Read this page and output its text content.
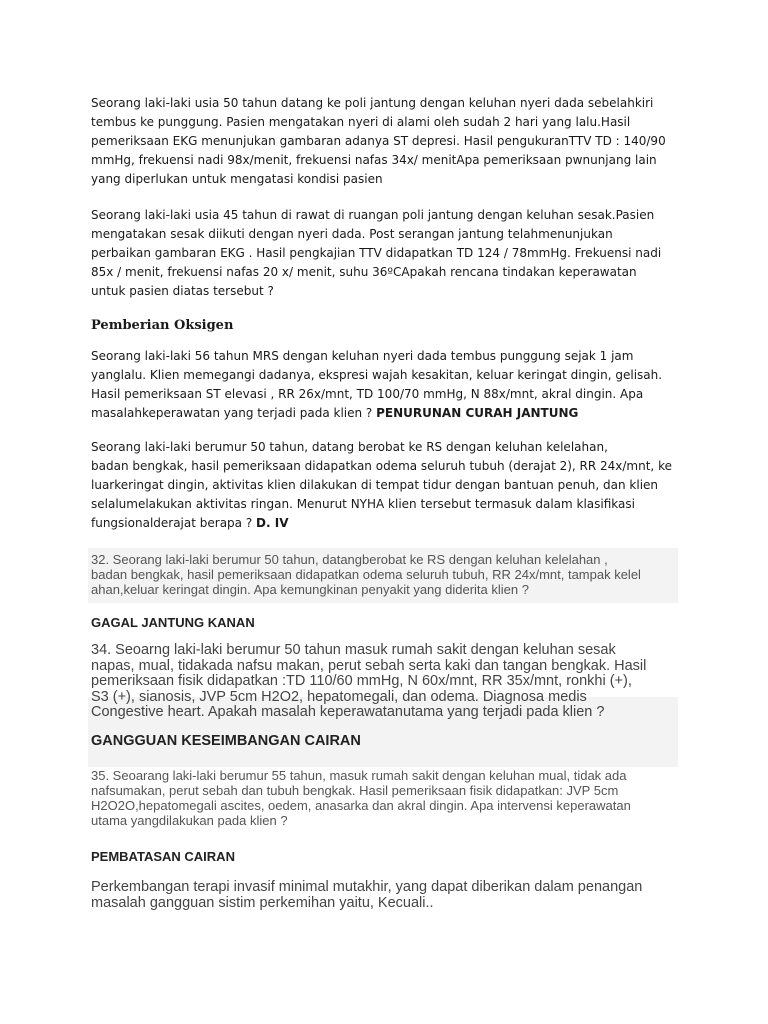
Seorang laki-laki usia 50 tahun datang ke poli jantung dengan keluhan nyeri dada sebelahkiri
tembus ke punggung. Pasien mengatakan nyeri di alami oleh sudah 2 hari yang lalu.Hasil
pemeriksaan EKG menunjukan gambaran adanya ST depresi. Hasil pengukuranTTV TD : 140/90
mmHg, frekuensi nadi 98x/menit, frekuensi nafas 34x/ menitApa pemeriksaan pwnunjang lain
yang diperlukan untuk mengatasi kondisi pasien

Seorang laki-laki usia 45 tahun di rawat di ruangan poli jantung dengan keluhan sesak.Pasien
mengatakan sesak diikuti dengan nyeri dada. Post serangan jantung telahmenunjukan
perbaikan gambaran EKG . Hasil pengkajian TTV didapatkan TD 124 / 78mmHg. Frekuensi nadi
85x / menit, frekuensi nafas 20 x/ menit, suhu 36ºCApakah rencana tindakan keperawatan
untuk pasien diatas tersebut ?

Pemberian Oksigen

Seorang laki-laki 56 tahun MRS dengan keluhan nyeri dada tembus punggung sejak 1 jam
yanglalu. Klien memegangi dadanya, ekspresi wajah kesakitan, keluar keringat dingin, gelisah.
Hasil pemeriksaan ST elevasi , RR 26x/mnt, TD 100/70 mmHg, N 88x/mnt, akral dingin. Apa
masalahkeperawatan yang terjadi pada klien ? PENURUNAN CURAH JANTUNG

Seorang laki-laki berumur 50 tahun, datang berobat ke RS dengan keluhan kelelahan,
badan bengkak, hasil pemeriksaan didapatkan odema seluruh tubuh (derajat 2), RR 24x/mnt, ke
luarkeringat dingin, aktivitas klien dilakukan di tempat tidur dengan bantuan penuh, dan klien
selalumelakukan aktivitas ringan. Menurut NYHA klien tersebut termasuk dalam klasifikasi
fungsionalderajat berapa ? D. IV

32. Seorang laki-laki berumur 50 tahun, datangberobat ke RS dengan keluhan kelelahan ,
badan bengkak, hasil pemeriksaan didapatkan odema seluruh tubuh, RR 24x/mnt, tampak kelel
ahan,keluar keringat dingin. Apa kemungkinan penyakit yang diderita klien ?

GAGAL JANTUNG KANAN

34. Seoarng laki-laki berumur 50 tahun masuk rumah sakit dengan keluhan sesak
napas, mual, tidakada nafsu makan, perut sebah serta kaki dan tangan bengkak. Hasil
pemeriksaan fisik didapatkan :TD 110/60 mmHg, N 60x/mnt, RR 35x/mnt, ronkhi (+),
S3 (+), sianosis, JVP 5cm H2O2, hepatomegali, dan odema. Diagnosa medis
Congestive heart. Apakah masalah keperawatanutama yang terjadi pada klien ?

GANGGUAN KESEIMBANGAN CAIRAN

35. Seoarang laki-laki berumur 55 tahun, masuk rumah sakit dengan keluhan mual, tidak ada
nafsumakan, perut sebah dan tubuh bengkak. Hasil pemeriksaan fisik didapatkan: JVP 5cm
H2O2O,hepatomegali ascites, oedem, anasarka dan akral dingin. Apa intervensi keperawatan
utama yangdilakukan pada klien ?

PEMBATASAN CAIRAN

Perkembangan terapi invasif minimal mutakhir, yang dapat diberikan dalam penangan
masalah gangguan sistim perkemihan yaitu, Kecuali..
